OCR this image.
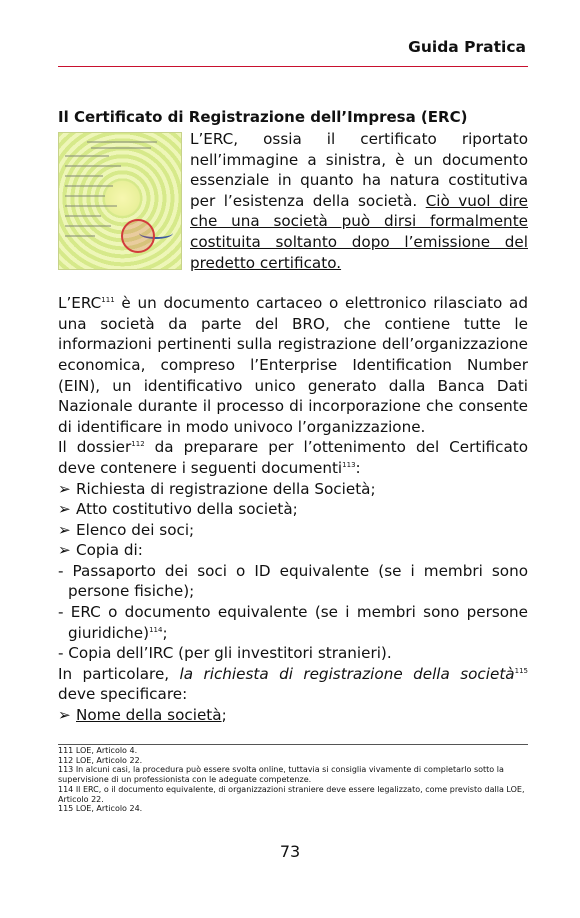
Guida Pratica

Il Certificato di Registrazione dell’Impresa (ERC)

L’ERC, ossia il certificato riportato nell’immagine a sinistra, è un documento essenziale in quanto ha natura costitutiva per l’esistenza della società. Ciò vuol dire che una società può dirsi formalmente costituita soltanto dopo l’emissione del predetto certificato.

L’ERC$^{111}$ è un documento cartaceo o elettronico rilasciato ad una società da parte del BRO, che contiene tutte le informazioni pertinenti sulla registrazione dell’organizzazione economica, compreso l’Enterprise Identification Number (EIN), un identificativo unico generato dalla Banca Dati Nazionale durante il processo di incorporazione che consente di identificare in modo univoco l’organizzazione.

Il dossier$^{112}$ da preparare per l’ottenimento del Certificato deve contenere i seguenti documenti$^{113}$:

➢ Richiesta di registrazione della Società;

➢ Atto costitutivo della società;

➢ Elenco dei soci;

➢ Copia di:

- Passaporto dei soci o ID equivalente (se i membri sono persone fisiche);

- ERC o documento equivalente (se i membri sono persone giuridiche)$^{114}$;

- Copia dell’IRC (per gli investitori stranieri).

In particolare, la richiesta di registrazione della società$^{115}$ deve specificare:

➢ Nome della società;

111 LOE, Articolo 4.

112 LOE, Articolo 22.

113 In alcuni casi, la procedura può essere svolta online, tuttavia si consiglia vivamente di completarlo sotto la supervisione di un professionista con le adeguate competenze.

114 Il ERC, o il documento equivalente, di organizzazioni straniere deve essere legalizzato, come previsto dalla LOE, Articolo 22.

115 LOE, Articolo 24.

73
